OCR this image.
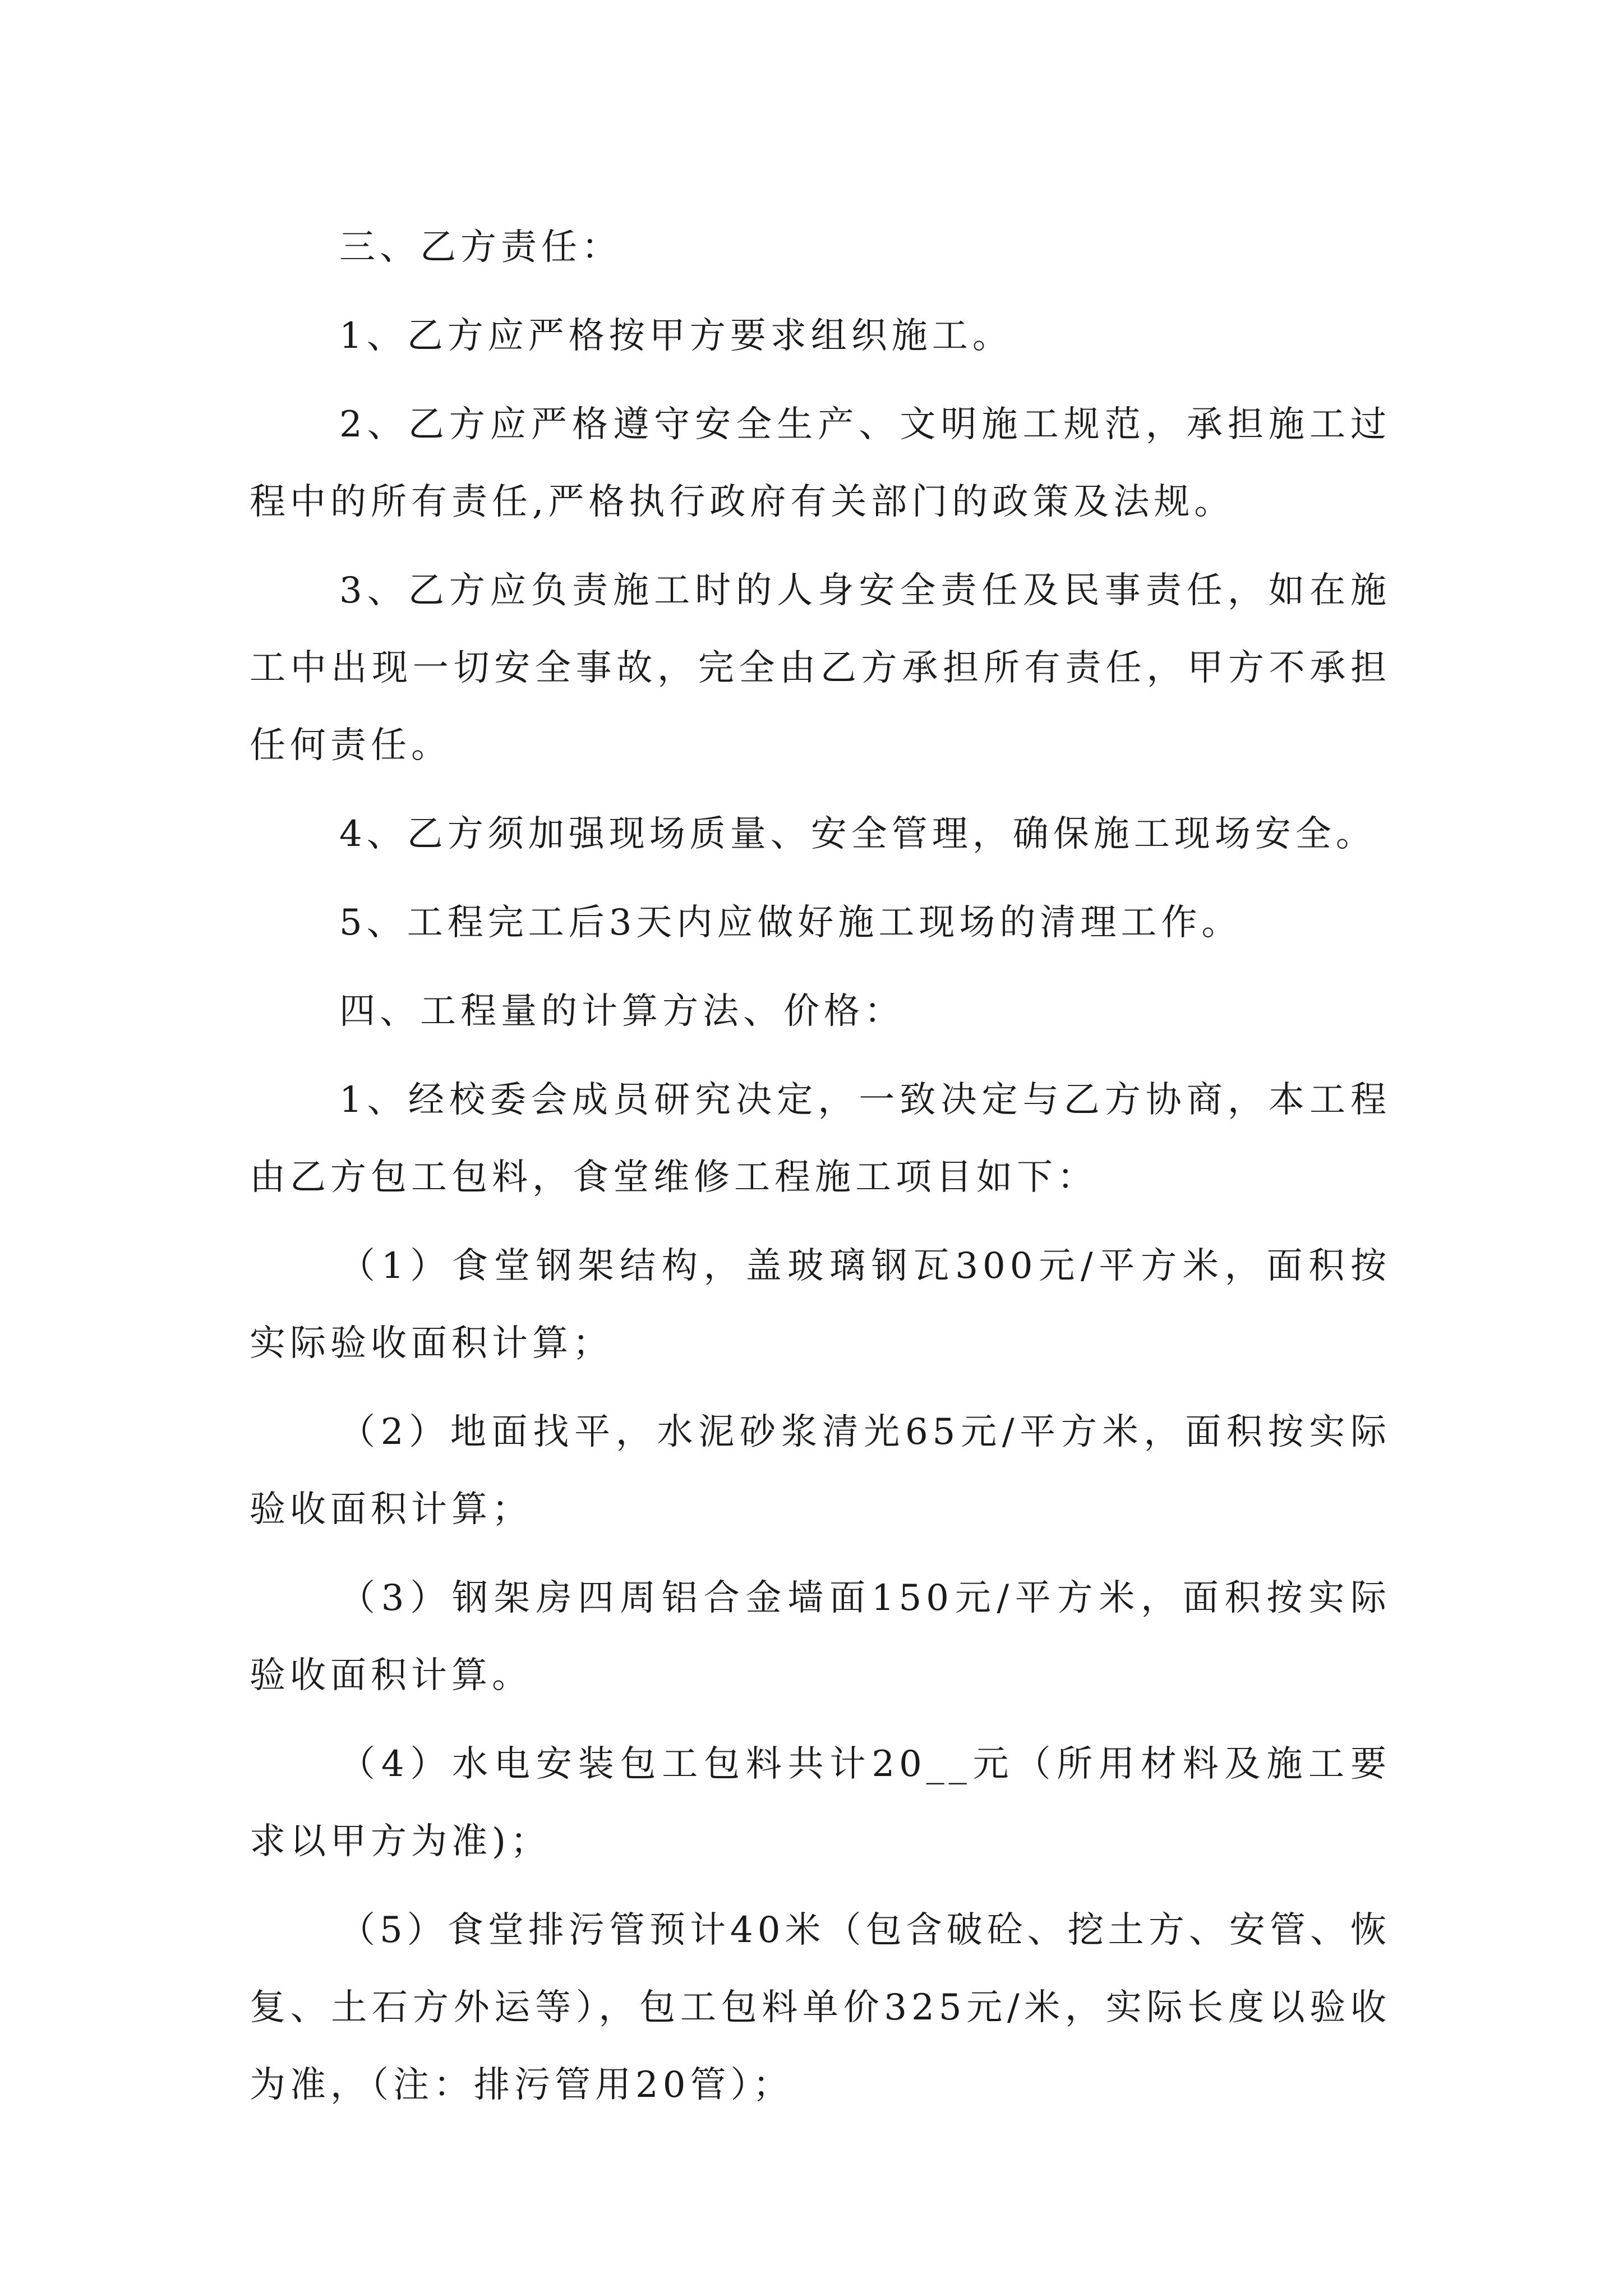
三、乙方责任：

1、乙方应严格按甲方要求组织施工。

2、乙方应严格遵守安全生产、文明施工规范，承担施工过程中的所有责任,严格执行政府有关部门的政策及法规。

3、乙方应负责施工时的人身安全责任及民事责任，如在施工中出现一切安全事故，完全由乙方承担所有责任，甲方不承担任何责任。

4、乙方须加强现场质量、安全管理，确保施工现场安全。

5、工程完工后3天内应做好施工现场的清理工作。

四、工程量的计算方法、价格：

1、经校委会成员研究决定，一致决定与乙方协商，本工程由乙方包工包料，食堂维修工程施工项目如下：

（1）食堂钢架结构，盖玻璃钢瓦300元/平方米，面积按实际验收面积计算；

（2）地面找平，水泥砂浆清光65元/平方米，面积按实际验收面积计算；

（3）钢架房四周铝合金墙面150元/平方米，面积按实际验收面积计算。

（4）水电安装包工包料共计20__元（所用材料及施工要求以甲方为准)；

（5）食堂排污管预计40米（包含破砼、挖土方、安管、恢复、土石方外运等），包工包料单价325元/米，实际长度以验收为准，（注：排污管用20管）；
